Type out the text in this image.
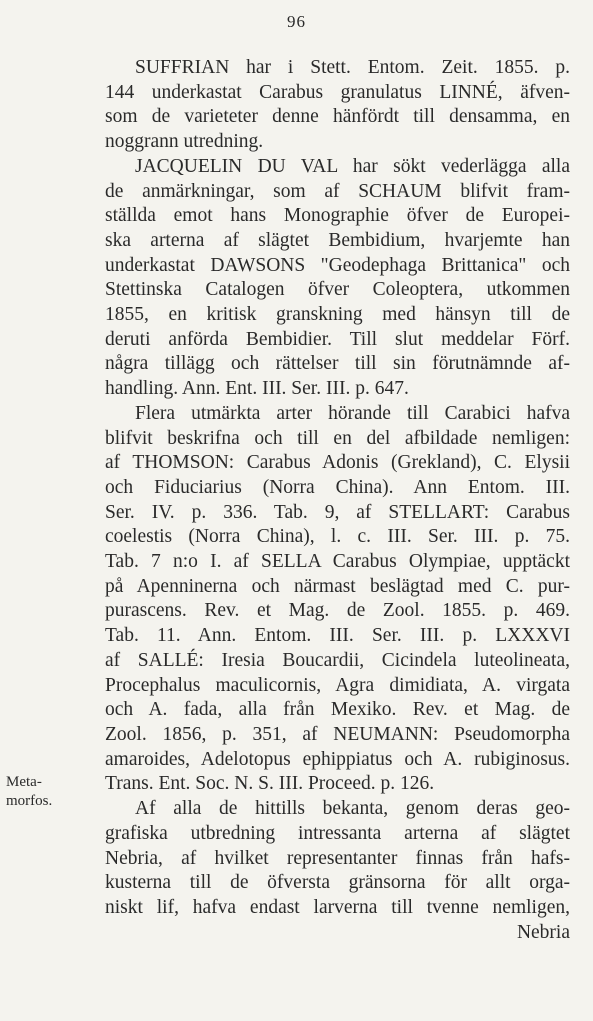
96
Meta-
morfos.
SUFFRIAN har i Stett. Entom. Zeit. 1855. p.
144 underkastat Carabus granulatus LINNÉ, äfven-
som de varieteter denne hänfördt till densamma, en
noggrann utredning.
JACQUELIN DU VAL har sökt vederlägga alla
de anmärkningar, som af SCHAUM blifvit fram-
ställda emot hans Monographie öfver de Europei-
ska arterna af slägtet Bembidium, hvarjemte han
underkastat DAWSONS "Geodephaga Brittanica" och
Stettinska Catalogen öfver Coleoptera, utkommen
1855, en kritisk granskning med hänsyn till de
deruti anförda Bembidier. Till slut meddelar Förf.
några tillägg och rättelser till sin förutnämnde af-
handling. Ann. Ent. III. Ser. III. p. 647.
Flera utmärkta arter hörande till Carabici hafva
blifvit beskrifna och till en del afbildade nemligen:
af THOMSON: Carabus Adonis (Grekland), C. Elysii
och Fiduciarius (Norra China). Ann Entom. III.
Ser. IV. p. 336. Tab. 9, af STELLART: Carabus
coelestis (Norra China), l. c. III. Ser. III. p. 75.
Tab. 7 n:o I. af SELLA Carabus Olympiae, upptäckt
på Apenninerna och närmast beslägtad med C. pur-
purascens. Rev. et Mag. de Zool. 1855. p. 469.
Tab. 11. Ann. Entom. III. Ser. III. p. LXXXVI
af SALLÉ: Iresia Boucardii, Cicindela luteolineata,
Procephalus maculicornis, Agra dimidiata, A. virgata
och A. fada, alla från Mexiko. Rev. et Mag. de
Zool. 1856, p. 351, af NEUMANN: Pseudomorpha
amaroides, Adelotopus ephippiatus och A. rubiginosus.
Trans. Ent. Soc. N. S. III. Proceed. p. 126.
Af alla de hittills bekanta, genom deras geo-
grafiska utbredning intressanta arterna af slägtet
Nebria, af hvilket representanter finnas från hafs-
kusterna till de öfversta gränsorna för allt orga-
niskt lif, hafva endast larverna till tvenne nemligen,
Nebria
